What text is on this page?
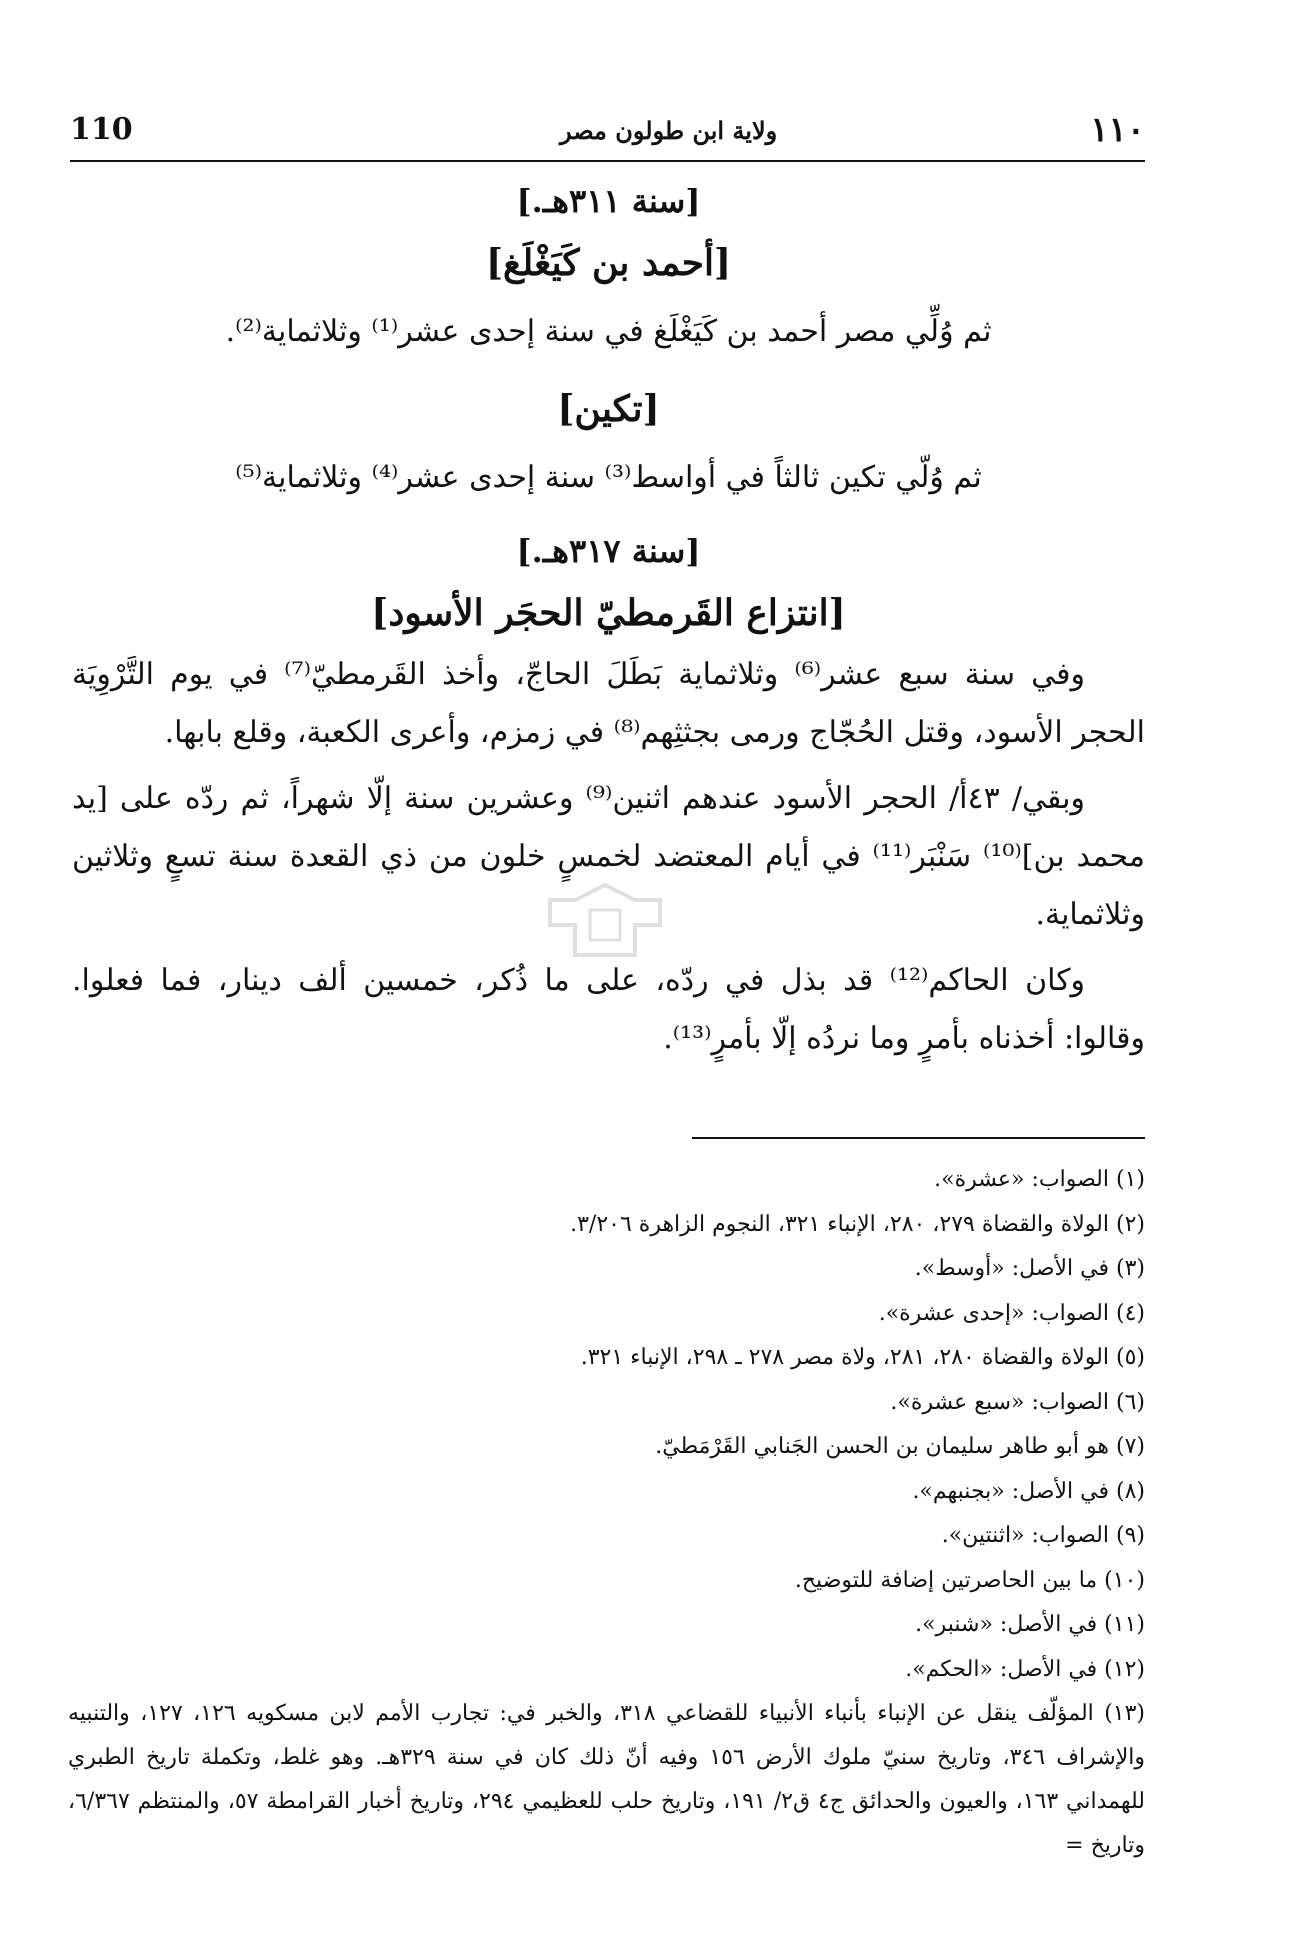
110	ولاية ابن طولون مصر	١١٠
[سنة ٣١١هـ.]
[أحمد بن كَيَغْلَغ]
ثم وُلِّي مصر أحمد بن كَيَغْلَغ في سنة إحدى عشر⁽¹⁾ وثلاثماية⁽²⁾.
[تكين]
ثم وُلّي تكين ثالثاً في أواسط⁽³⁾ سنة إحدى عشر⁽⁴⁾ وثلاثماية⁽⁵⁾
[سنة ٣١٧هـ.]
[انتزاع القَرمطيّ الحجَر الأسود]

وفي سنة سبع عشر⁽⁶⁾ وثلاثماية بَطَلَ الحاجّ، وأخذ القَرمطيّ⁽⁷⁾ في يوم التَّرْوِيَة الحجر الأسود، وقتل الحُجّاج ورمى بجثثِهم⁽⁸⁾ في زمزم، وأعرى الكعبة، وقلع بابها.

وبقي/ ٤٣أ/ الحجر الأسود عندهم اثنين⁽⁹⁾ وعشرين سنة إلّا شهراً، ثم ردّه على [يد محمد بن]⁽¹⁰⁾ سَنْبَر⁽¹¹⁾ في أيام المعتضد لخمسٍ خلون من ذي القعدة سنة تسعٍ وثلاثين وثلاثماية.

وكان الحاكم⁽¹²⁾ قد بذل في ردّه، على ما ذُكر، خمسين ألف دينار، فما فعلوا. وقالوا: أخذناه بأمرٍ وما نردُه إلّا بأمرٍ⁽¹³⁾.

(١) الصواب: «عشرة».
(٢) الولاة والقضاة ٢٧٩، ٢٨٠، الإنباء ٣٢١، النجوم الزاهرة ٣/٢٠٦.
(٣) في الأصل: «أوسط».
(٤) الصواب: «إحدى عشرة».
(٥) الولاة والقضاة ٢٨٠، ٢٨١، ولاة مصر ٢٧٨ ـ ٢٩٨، الإنباء ٣٢١.
(٦) الصواب: «سبع عشرة».
(٧) هو أبو طاهر سليمان بن الحسن الجَنابي القَرْمَطيّ.
(٨) في الأصل: «بجنبهم».
(٩) الصواب: «اثنتين».
(١٠) ما بين الحاصرتين إضافة للتوضيح.
(١١) في الأصل: «شنبر».
(١٢) في الأصل: «الحكم».
(١٣) المؤلّف ينقل عن الإنباء بأنباء الأنبياء للقضاعي ٣١٨، والخبر في: تجارب الأمم لابن مسكويه ١٢٦، ١٢٧، والتنبيه والإشراف ٣٤٦، وتاريخ سنيّ ملوك الأرض ١٥٦ وفيه أنّ ذلك كان في سنة ٣٢٩هـ. وهو غلط، وتكملة تاريخ الطبري للهمداني ١٦٣، والعيون والحدائق ج٤ ق٢/ ١٩١، وتاريخ حلب للعظيمي ٢٩٤، وتاريخ أخبار القرامطة ٥٧، والمنتظم ٦/٣٦٧، وتاريخ =
